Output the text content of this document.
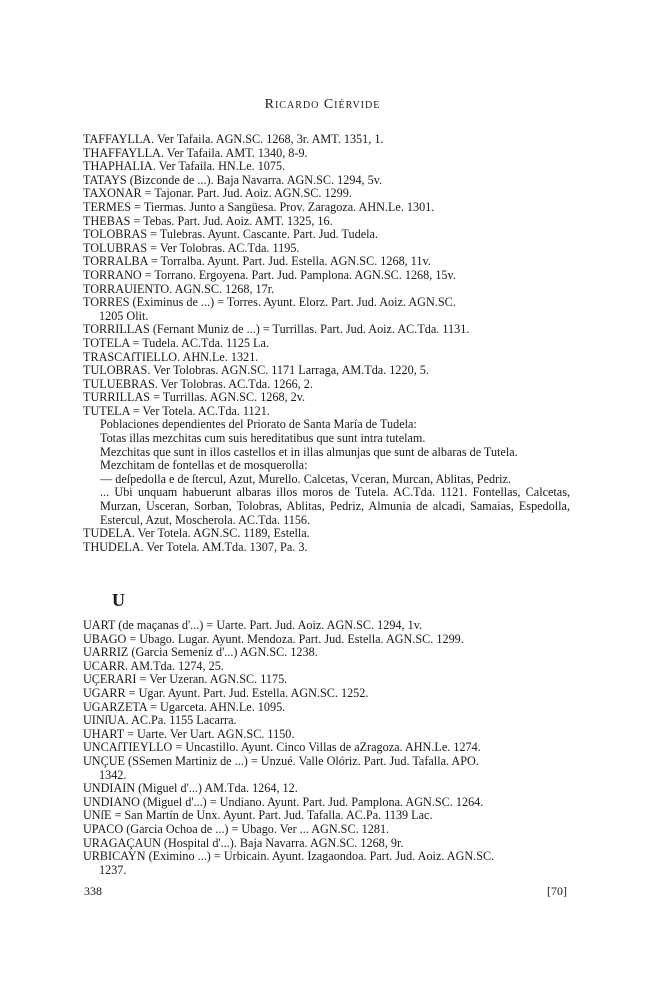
Ricardo Ciérvide

TAFFAYLLA. Ver Tafaila. AGN.SC. 1268, 3r. AMT. 1351, 1.

THAFFAYLLA. Ver Tafaila. AMT. 1340, 8-9.

THAPHALIA. Ver Tafaila. HN.Le. 1075.

TATAYS (Bizconde de ...). Baja Navarra. AGN.SC. 1294, 5v.

TAXONAR = Tajonar. Part. Jud. Aoiz. AGN.SC. 1299.

TERMES = Tiermas. Junto a Sangüesa. Prov. Zaragoza. AHN.Le. 1301.

THEBAS = Tebas. Part. Jud. Aoiz. AMT. 1325, 16.

TOLOBRAS = Tulebras. Ayunt. Cascante. Part. Jud. Tudela.

TOLUBRAS = Ver Tolobras. AC.Tda. 1195.

TORRALBA = Torralba. Ayunt. Part. Jud. Estella. AGN.SC. 1268, 11v.

TORRANO = Torrano. Ergoyena. Part. Jud. Pamplona. AGN.SC. 1268, 15v.

TORRAUIENTO. AGN.SC. 1268, 17r.

TORRES (Eximinus de ...) = Torres. Ayunt. Elorz. Part. Jud. Aoiz. AGN.SC.
1205 Olit.

TORRILLAS (Fernant Muniz de ...) = Turrillas. Part. Jud. Aoiz. AC.Tda. 1131.

TOTELA = Tudela. AC.Tda. 1125 La.

TRASCAſTIELLO. AHN.Le. 1321.

TULOBRAS. Ver Tolobras. AGN.SC. 1171 Larraga, AM.Tda. 1220, 5.

TULUEBRAS. Ver Tolobras. AC.Tda. 1266, 2.

TURRILLAS = Turrillas. AGN.SC. 1268, 2v.

TUTELA = Ver Totela. AC.Tda. 1121.

Poblaciones dependientes del Priorato de Santa María de Tudela:

Totas illas mezchitas cum suis hereditatibus que sunt intra tutelam.

Mezchitas que sunt in illos castellos et in illas almunjas que sunt de albaras de Tutela.

Mezchitam de fontellas et de mosquerolla:

— deſpedolla e de ſtercul, Azut, Murello. Calcetas, Vceran, Murcan, Ablitas, Pedriz.

... Ubi unquam habuerunt albaras illos moros de Tutela. AC.Tda. 1121. Fontellas, Calcetas, Murzan, Usceran, Sorban, Tolobras, Ablitas, Pedriz, Almunia de alcadi, Samaias, Espedolla, Estercul, Azut, Moscherola. AC.Tda. 1156.

TUDELA. Ver Totela. AGN.SC. 1189, Estella.

THUDELA. Ver Totela. AM.Tda. 1307, Pa. 3.

U

UART (de maçanas d'...) = Uarte. Part. Jud. Aoiz. AGN.SC. 1294, 1v.

UBAGO = Ubago. Lugar. Ayunt. Mendoza. Part. Jud. Estella. AGN.SC. 1299.

UARRIZ (Garcia Semeniz d'...) AGN.SC. 1238.

UCARR. AM.Tda. 1274, 25.

UÇERARI = Ver Uzeran. AGN.SC. 1175.

UGARR = Ugar. Ayunt. Part. Jud. Estella. AGN.SC. 1252.

UGARZETA = Ugarceta. AHN.Le. 1095.

UINſUA. AC.Pa. 1155 Lacarra.

UHART = Uarte. Ver Uart. AGN.SC. 1150.

UNCAſTIEYLLO = Uncastillo. Ayunt. Cinco Villas de aZragoza. AHN.Le. 1274.

UNÇUE (SSemen Martiniz de ...) = Unzué. Valle Olóriz. Part. Jud. Tafalla. APO.
1342.

UNDIAIN (Miguel d'...) AM.Tda. 1264, 12.

UNDIANO (Miguel d'...) = Undiano. Ayunt. Part. Jud. Pamplona. AGN.SC. 1264.

UNſE = San Martín de Unx. Ayunt. Part. Jud. Tafalla. AC.Pa. 1139 Lac.

UPACO (Garcia Ochoa de ...) = Ubago. Ver ... AGN.SC. 1281.

URAGAÇAUN (Hospital d'...). Baja Navarra. AGN.SC. 1268, 9r.

URBICAYN (Eximino ...) = Urbicain. Ayunt. Izagaondoa. Part. Jud. Aoiz. AGN.SC.
1237.

338	[70]
